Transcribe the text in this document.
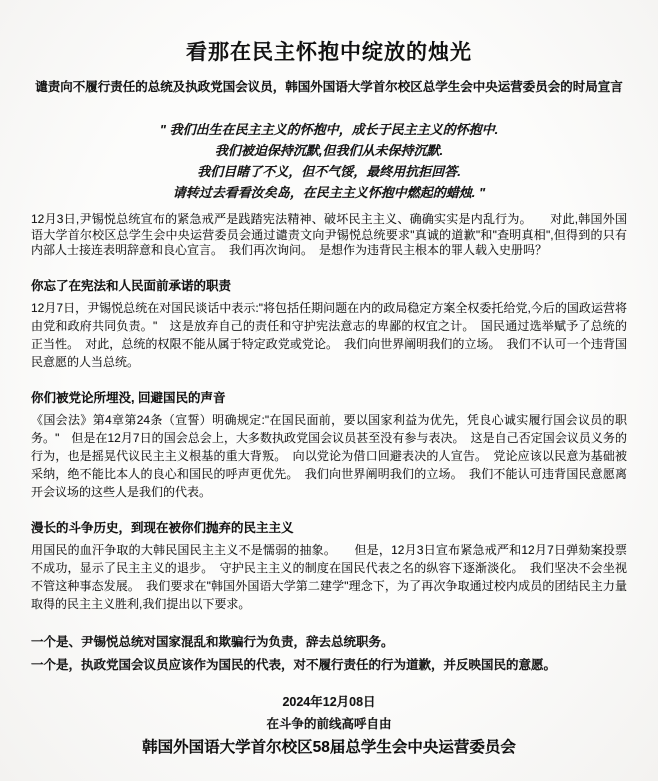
看那在民主怀抱中绽放的烛光
谴责向不履行责任的总统及执政党国会议员，韩国外国语大学首尔校区总学生会中央运营委员会的时局宣言

" 我们出生在民主主义的怀抱中，成长于民主主义的怀抱中.

我们被迫保持沉默,但我们从未保持沉默.

我们目睹了不义，但不气馁，最终用抗拒回答.

请转过去看看汝矣岛，在民主主义怀抱中燃起的蜡烛. "

12月3日,尹锡悦总统宣布的紧急戒严是践踏宪法精神、破坏民主主义、确确实实是内乱行为。　　对此,韩国外国语大学首尔校区总学生会中央运营委员会通过谴责文向尹锡悦总统要求"真诚的道歉"和"查明真相",但得到的只有内部人士接连表明辞意和良心宣言。　我们再次询问。　是想作为违背民主根本的罪人载入史册吗？

你忘了在宪法和人民面前承诺的职责

12月7日，尹锡悦总统在对国民谈话中表示:"将包括任期问题在内的政局稳定方案全权委托给党,今后的国政运营将由党和政府共同负责。"　这是放弃自己的责任和守护宪法意志的卑鄙的权宜之计。　国民通过选举赋予了总统的正当性。　对此，总统的权限不能从属于特定政党或党论。　我们向世界阐明我们的立场。　我们不认可一个违背国民意愿的人当总统。

你们被党论所埋没, 回避国民的声音

《国会法》第4章第24条（宣誓）明确规定:"在国民面前，要以国家利益为优先，凭良心诚实履行国会议员的职务。"　但是在12月7日的国会总会上，大多数执政党国会议员甚至没有参与表决。　这是自己否定国会议员义务的行为，也是摇晃代议民主主义根基的重大背叛。　向以党论为借口回避表决的人宣告。　党论应该以民意为基础被采纳，绝不能比本人的良心和国民的呼声更优先。　我们向世界阐明我们的立场。　我们不能认可违背国民意愿离开会议场的这些人是我们的代表。

漫长的斗争历史，到现在被你们抛弃的民主主义

用国民的血汗争取的大韩民国民主主义不是懦弱的抽象。　　但是，12月3日宣布紧急戒严和12月7日弹劾案投票不成功，显示了民主主义的退步。　守护民主主义的制度在国民代表之名的纵容下逐渐淡化。　我们坚决不会坐视不管这种事态发展。　我们要求在"韩国外国语大学第二建学"理念下，为了再次争取通过校内成员的团结民主力量取得的民主主义胜利,我们提出以下要求。

一个是、尹锡悦总统对国家混乱和欺骗行为负责，辞去总统职务。

一个是，执政党国会议员应该作为国民的代表，对不履行责任的行为道歉，并反映国民的意愿。

2024年12月08日

在斗争的前线高呼自由

韩国外国语大学首尔校区58届总学生会中央运营委员会
